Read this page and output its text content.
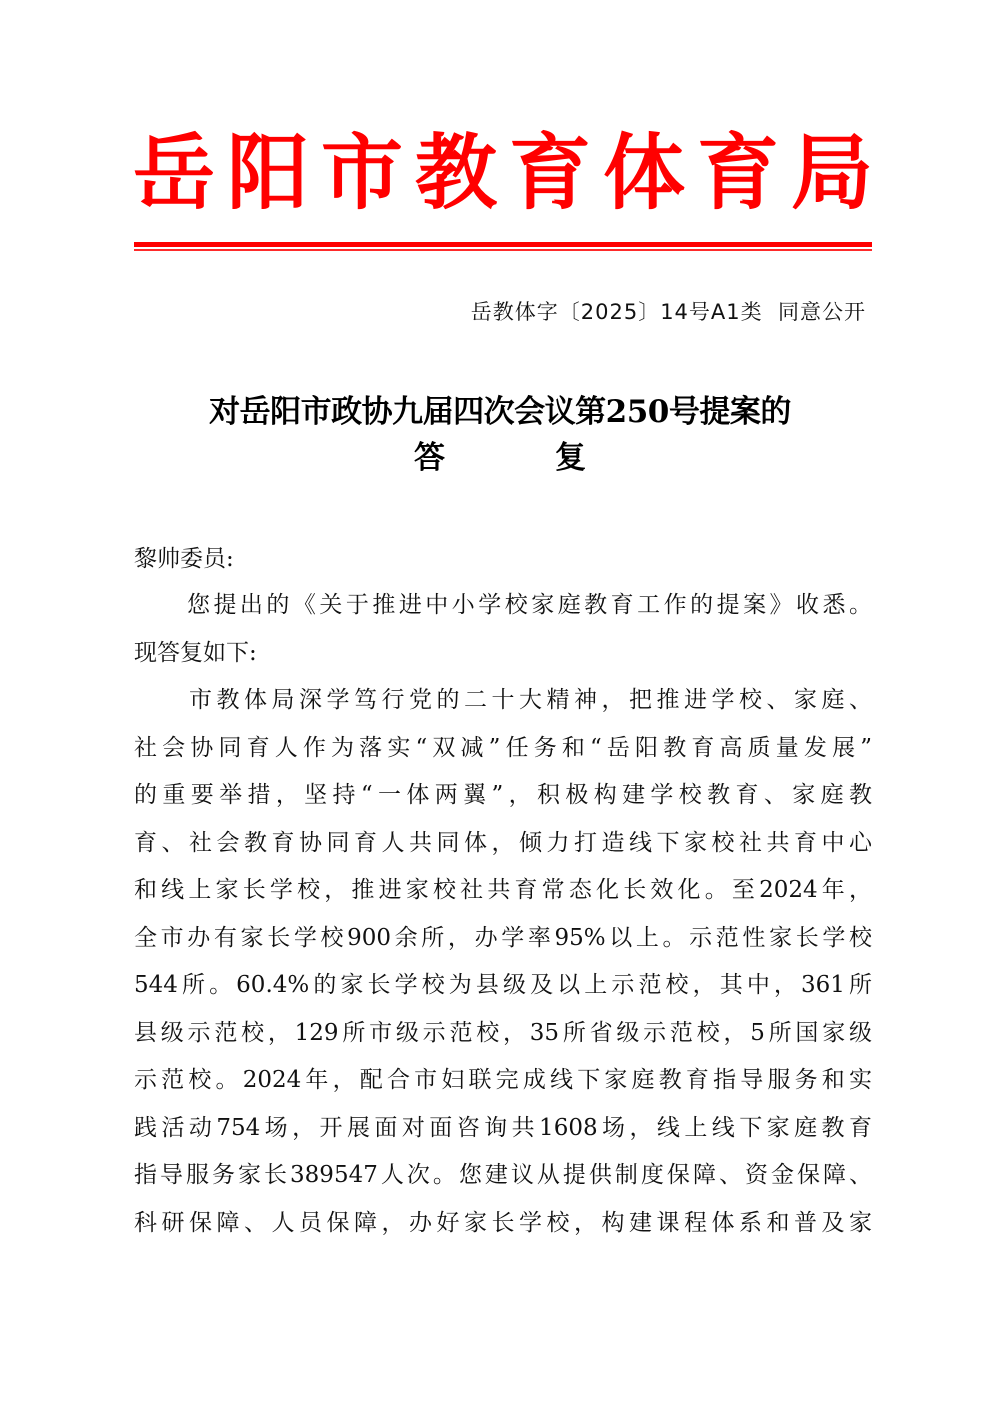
岳阳市教育体育局
岳教体字〔2025〕14号A1类  同意公开
对岳阳市政协九届四次会议第250号提案的
答	复
黎帅委员:
　　您提出的《关于推进中小学校家庭教育工作的提案》收悉。
现答复如下:
　　市教体局深学笃行党的二十大精神，把推进学校、家庭、
社会协同育人作为落实“双减”任务和“岳阳教育高质量发展”
的重要举措，坚持“一体两翼”，积极构建学校教育、家庭教
育、社会教育协同育人共同体，倾力打造线下家校社共育中心
和线上家长学校，推进家校社共育常态化长效化。至2024年，
全市办有家长学校900余所，办学率95%以上。示范性家长学校
544所。60.4%的家长学校为县级及以上示范校，其中，361所
县级示范校，129所市级示范校，35所省级示范校，5所国家级
示范校。2024年，配合市妇联完成线下家庭教育指导服务和实
践活动754场，开展面对面咨询共1608场，线上线下家庭教育
指导服务家长389547人次。您建议从提供制度保障、资金保障、
科研保障、人员保障，办好家长学校，构建课程体系和普及家
